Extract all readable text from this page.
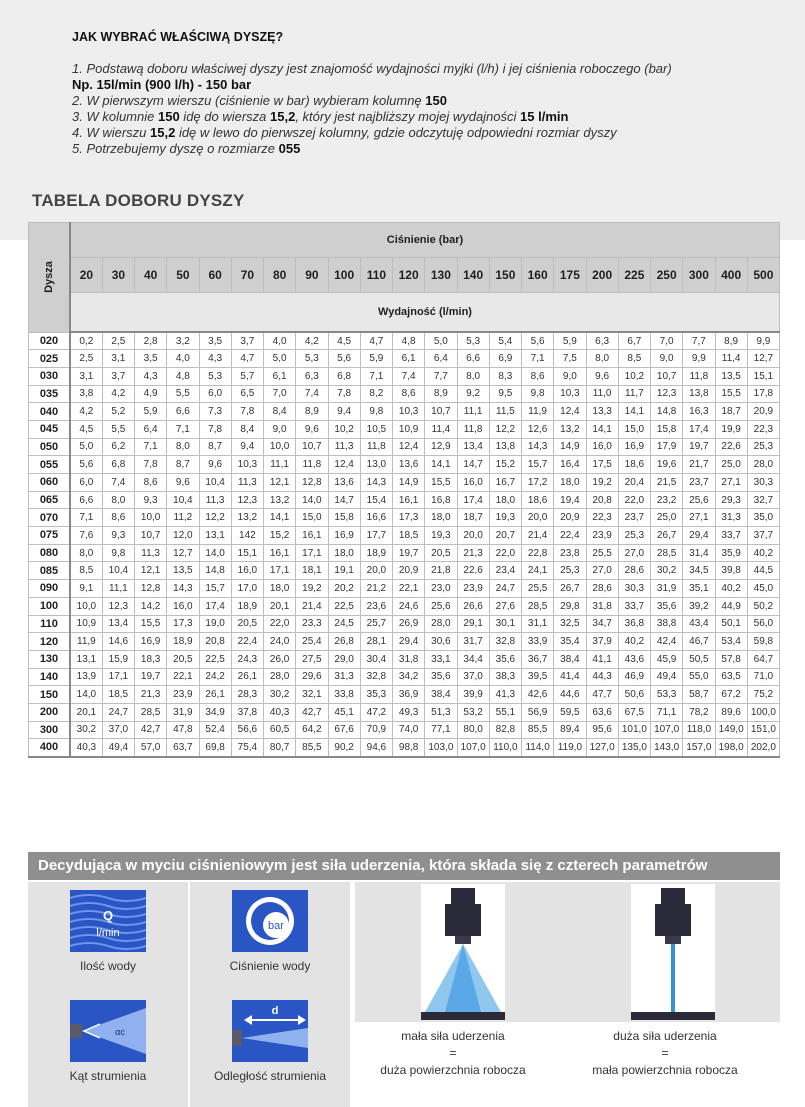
JAK WYBRAĆ WŁAŚCIWĄ DYSZĘ?
1. Podstawą doboru właściwej dyszy jest znajomość wydajności myjki (l/h) i jej ciśnienia roboczego (bar)
Np. 15l/min (900 l/h) - 150 bar
2. W pierwszym wierszu (ciśnienie w bar) wybieram kolumnę 150
3. W kolumnie 150 idę do wiersza 15,2, który jest najbliższy mojej wydajności 15 l/min
4. W wierszu 15,2 idę w lewo do pierwszej kolumny, gdzie odczytuję odpowiedni rozmiar dyszy
5. Potrzebujemy dyszę o rozmiarze 055
TABELA DOBORU DYSZY
Dysza	Ciśnienie (bar)																					
	20	30	40	50	60	70	80	90	100	110	120	130	140	150	160	175	200	225	250	300	400	500
	Wydajność (l/min)																					
020	0,2	2,5	2,8	3,2	3,5	3,7	4,0	4,2	4,5	4,7	4,8	5,0	5,3	5,4	5,6	5,9	6,3	6,7	7,0	7,7	8,9	9,9
025	2,5	3,1	3,5	4,0	4,3	4,7	5,0	5,3	5,6	5,9	6,1	6,4	6,6	6,9	7,1	7,5	8,0	8,5	9,0	9,9	11,4	12,7
030	3,1	3,7	4,3	4,8	5,3	5,7	6,1	6,3	6,8	7,1	7,4	7,7	8,0	8,3	8,6	9,0	9,6	10,2	10,7	11,8	13,5	15,1
035	3,8	4,2	4,9	5,5	6,0	6,5	7,0	7,4	7,8	8,2	8,6	8,9	9,2	9,5	9,8	10,3	11,0	11,7	12,3	13,8	15,5	17,8
040	4,2	5,2	5,9	6,6	7,3	7,8	8,4	8,9	9,4	9,8	10,3	10,7	11,1	11,5	11,9	12,4	13,3	14,1	14,8	16,3	18,7	20,9
045	4,5	5,5	6,4	7,1	7,8	8,4	9,0	9,6	10,2	10,5	10,9	11,4	11,8	12,2	12,6	13,2	14,1	15,0	15,8	17,4	19,9	22,3
050	5,0	6,2	7,1	8,0	8,7	9,4	10,0	10,7	11,3	11,8	12,4	12,9	13,4	13,8	14,3	14,9	16,0	16,9	17,9	19,7	22,6	25,3
055	5,6	6,8	7,8	8,7	9,6	10,3	11,1	11,8	12,4	13,0	13,6	14,1	14,7	15,2	15,7	16,4	17,5	18,6	19,6	21,7	25,0	28,0
060	6,0	7,4	8,6	9,6	10,4	11,3	12,1	12,8	13,6	14,3	14,9	15,5	16,0	16,7	17,2	18,0	19,2	20,4	21,5	23,7	27,1	30,3
065	6,6	8,0	9,3	10,4	11,3	12,3	13,2	14,0	14,7	15,4	16,1	16,8	17,4	18,0	18,6	19,4	20,8	22,0	23,2	25,6	29,3	32,7
070	7,1	8,6	10,0	11,2	12,2	13,2	14,1	15,0	15,8	16,6	17,3	18,0	18,7	19,3	20,0	20,9	22,3	23,7	25,0	27,1	31,3	35,0
075	7,6	9,3	10,7	12,0	13,1	142	15,2	16,1	16,9	17,7	18,5	19,3	20,0	20,7	21,4	22,4	23,9	25,3	26,7	29,4	33,7	37,7
080	8,0	9,8	11,3	12,7	14,0	15,1	16,1	17,1	18,0	18,9	19,7	20,5	21,3	22,0	22,8	23,8	25,5	27,0	28,5	31,4	35,9	40,2
085	8,5	10,4	12,1	13,5	14,8	16,0	17,1	18,1	19,1	20,0	20,9	21,8	22,6	23,4	24,1	25,3	27,0	28,6	30,2	34,5	39,8	44,5
090	9,1	11,1	12,8	14,3	15,7	17,0	18,0	19,2	20,2	21,2	22,1	23,0	23,9	24,7	25,5	26,7	28,6	30,3	31,9	35,1	40,2	45,0
100	10,0	12,3	14,2	16,0	17,4	18,9	20,1	21,4	22,5	23,6	24,6	25,6	26,6	27,6	28,5	29,8	31,8	33,7	35,6	39,2	44,9	50,2
110	10,9	13,4	15,5	17,3	19,0	20,5	22,0	23,3	24,5	25,7	26,9	28,0	29,1	30,1	31,1	32,5	34,7	36,8	38,8	43,4	50,1	56,0
120	11,9	14,6	16,9	18,9	20,8	22,4	24,0	25,4	26,8	28,1	29,4	30,6	31,7	32,8	33,9	35,4	37,9	40,2	42,4	46,7	53,4	59,8
130	13,1	15,9	18,3	20,5	22,5	24,3	26,0	27,5	29,0	30,4	31,8	33,1	34,4	35,6	36,7	38,4	41,1	43,6	45,9	50,5	57,8	64,7
140	13,9	17,1	19,7	22,1	24,2	26,1	28,0	29,6	31,3	32,8	34,2	35,6	37,0	38,3	39,5	41,4	44,3	46,9	49,4	55,0	63,5	71,0
150	14,0	18,5	21,3	23,9	26,1	28,3	30,2	32,1	33,8	35,3	36,9	38,4	39,9	41,3	42,6	44,6	47,7	50,6	53,3	58,7	67,2	75,2
200	20,1	24,7	28,5	31,9	34,9	37,8	40,3	42,7	45,1	47,2	49,3	51,3	53,2	55,1	56,9	59,5	63,6	67,5	71,1	78,2	89,6	100,0
300	30,2	37,0	42,7	47,8	52,4	56,6	60,5	64,2	67,6	70,9	74,0	77,1	80,0	82,8	85,5	89,4	95,6	101,0	107,0	118,0	149,0	151,0
400	40,3	49,4	57,0	63,7	69,8	75,4	80,7	85,5	90,2	94,6	98,8	103,0	107,0	110,0	114,0	119,0	127,0	135,0	143,0	157,0	198,0	202,0
Decydująca w myciu ciśnieniowym jest siła uderzenia, która składa się z czterech parametrów
Q
l/min
Ilość wody
bar
Ciśnienie wody
αc
Kąt strumienia
d
Odległość strumienia
mała siła uderzenia
=
duża powierzchnia robocza
duża siła uderzenia
=
mała powierzchnia robocza
